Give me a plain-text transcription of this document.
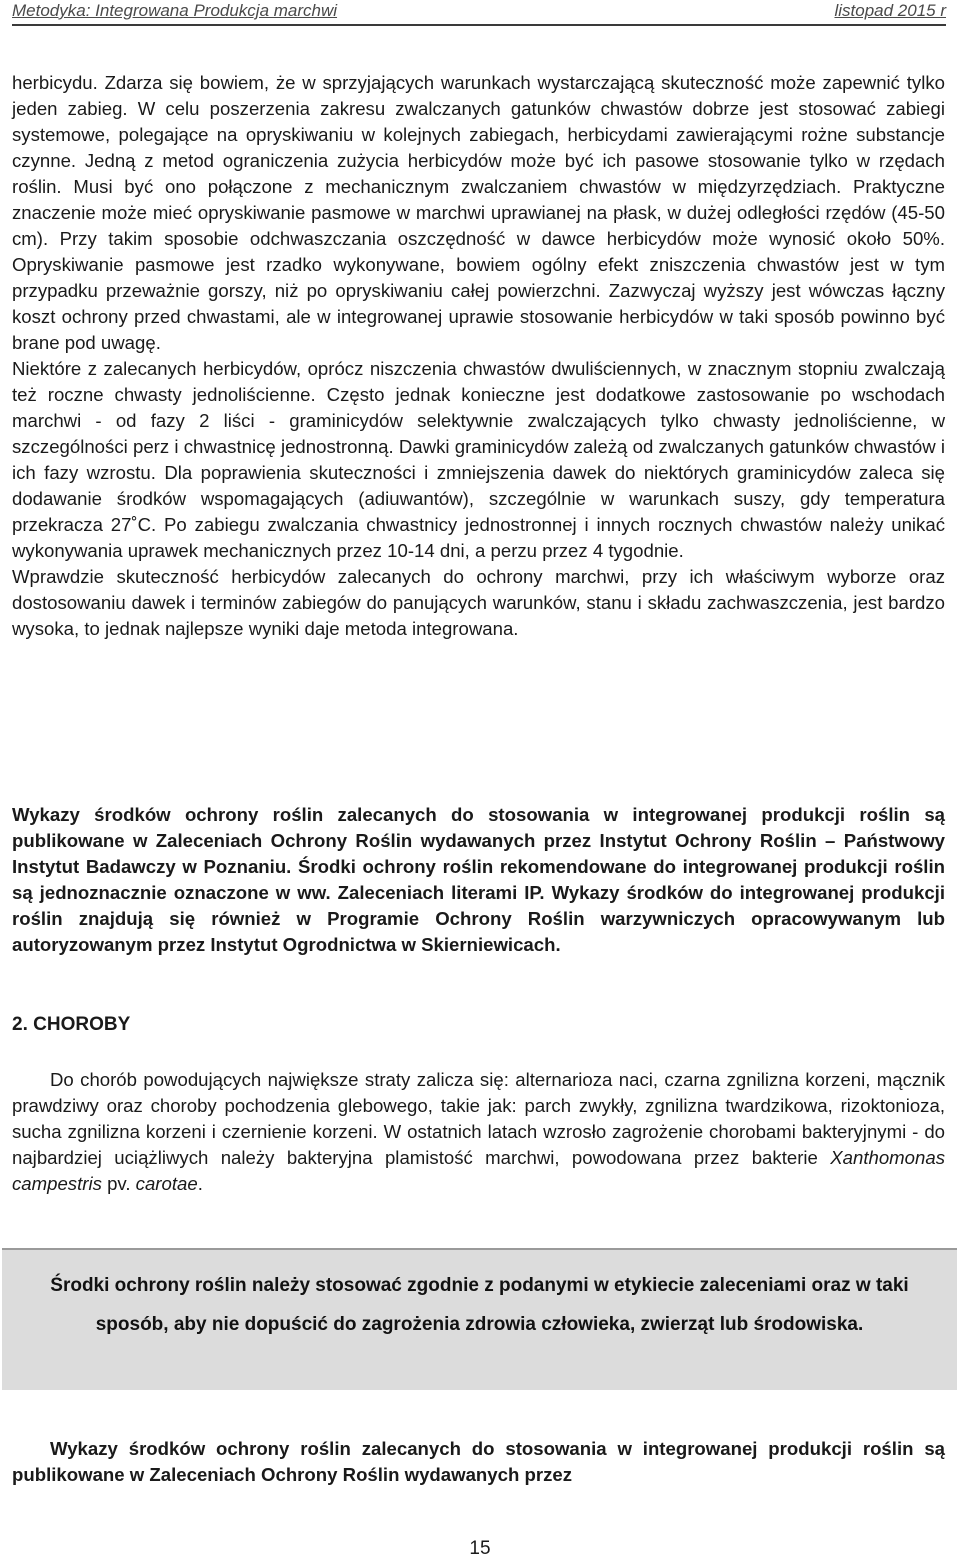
Metodyka: Integrowana Produkcja marchwi	listopad 2015 r

herbicydu. Zdarza się bowiem, że w sprzyjających warunkach wystarczającą skuteczność może zapewnić tylko jeden zabieg. W celu poszerzenia zakresu zwalczanych gatunków chwastów dobrze jest stosować zabiegi systemowe, polegające na opryskiwaniu w kolejnych zabiegach, herbicydami zawierającymi rożne substancje czynne. Jedną z metod ograniczenia zużycia herbicydów może być ich pasowe stosowanie tylko w rzędach roślin. Musi być ono połączone z mechanicznym zwalczaniem chwastów w międzyrzędziach. Praktyczne znaczenie może mieć opryskiwanie pasmowe w marchwi uprawianej na płask, w dużej odległości rzędów (45-50 cm). Przy takim sposobie odchwaszczania oszczędność w dawce herbicydów może wynosić około 50%. Opryskiwanie pasmowe jest rzadko wykonywane, bowiem ogólny efekt zniszczenia chwastów jest w tym przypadku przeważnie gorszy, niż po opryskiwaniu całej powierzchni. Zazwyczaj wyższy jest wówczas łączny koszt ochrony przed chwastami, ale w integrowanej uprawie stosowanie herbicydów w taki sposób powinno być brane pod uwagę.

Niektóre z zalecanych herbicydów, oprócz niszczenia chwastów dwuliściennych, w znacznym stopniu zwalczają też roczne chwasty jednoliścienne. Często jednak konieczne jest dodatkowe zastosowanie po wschodach marchwi - od fazy 2 liści - graminicydów selektywnie zwalczających tylko chwasty jednoliścienne, w szczególności perz i chwastnicę jednostronną. Dawki graminicydów zależą od zwalczanych gatunków chwastów i ich fazy wzrostu. Dla poprawienia skuteczności i zmniejszenia dawek do niektórych graminicydów zaleca się dodawanie środków wspomagających (adiuwantów), szczególnie w warunkach suszy, gdy temperatura przekracza 27˚C. Po zabiegu zwalczania chwastnicy jednostronnej i innych rocznych chwastów należy unikać wykonywania uprawek mechanicznych przez 10-14 dni, a perzu przez 4 tygodnie.

Wprawdzie skuteczność herbicydów zalecanych do ochrony marchwi, przy ich właściwym wyborze oraz dostosowaniu dawek i terminów zabiegów do panujących warunków, stanu i składu zachwaszczenia, jest bardzo wysoka, to jednak najlepsze wyniki daje metoda integrowana.

Wykazy środków ochrony roślin zalecanych do stosowania w integrowanej produkcji roślin są publikowane w Zaleceniach Ochrony Roślin wydawanych przez Instytut Ochrony Roślin – Państwowy Instytut Badawczy w Poznaniu. Środki ochrony roślin rekomendowane do integrowanej produkcji roślin są jednoznacznie oznaczone w ww. Zaleceniach literami IP. Wykazy środków do integrowanej produkcji roślin znajdują się również w Programie Ochrony Roślin warzywniczych opracowywanym lub autoryzowanym przez Instytut Ogrodnictwa w Skierniewicach.
2. CHOROBY
Do chorób powodujących największe straty zalicza się: alternarioza naci, czarna zgnilizna korzeni, mącznik prawdziwy oraz choroby pochodzenia glebowego, takie jak: parch zwykły, zgnilizna twardzikowa, rizoktonioza, sucha zgnilizna korzeni i czernienie korzeni. W ostatnich latach wzrosło zagrożenie chorobami bakteryjnymi - do najbardziej uciążliwych należy bakteryjna plamistość marchwi, powodowana przez bakterie Xanthomonas campestris pv. carotae.

Środki ochrony roślin należy stosować zgodnie z podanymi w etykiecie zaleceniami oraz w taki sposób, aby nie dopuścić do zagrożenia zdrowia człowieka, zwierząt lub środowiska.

Wykazy środków ochrony roślin zalecanych do stosowania w integrowanej produkcji roślin są publikowane w Zaleceniach Ochrony Roślin wydawanych przez
15
